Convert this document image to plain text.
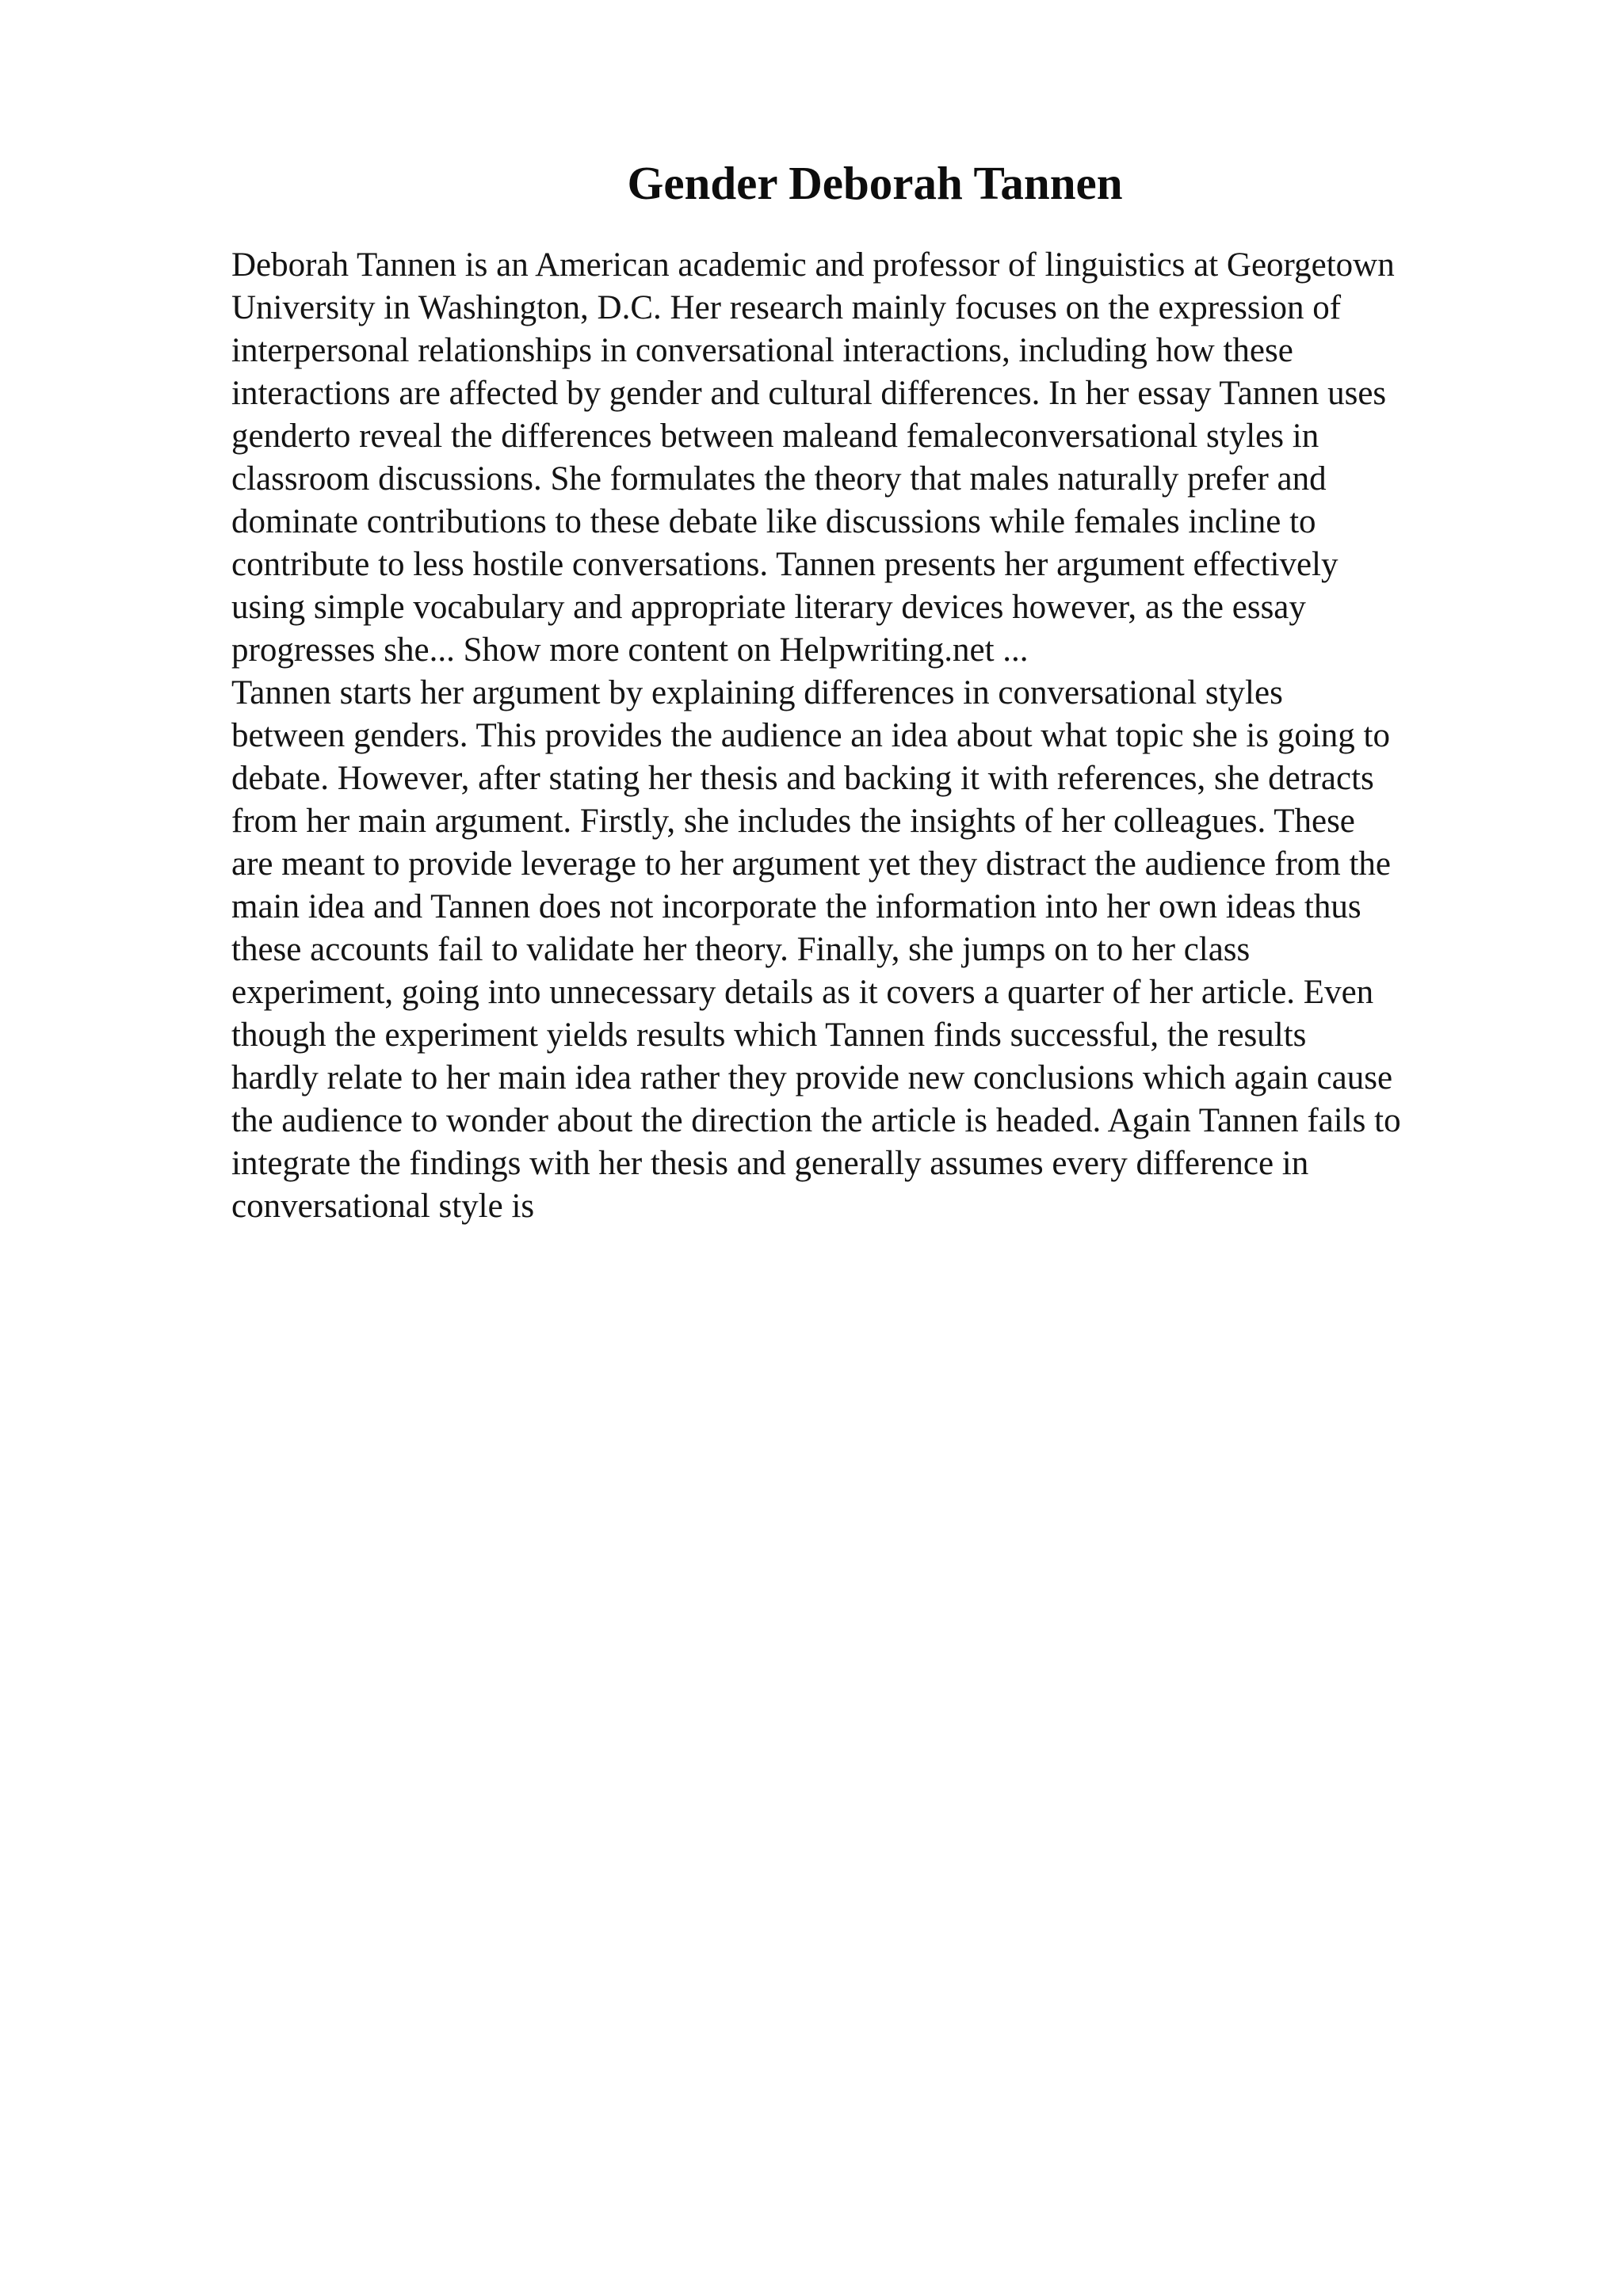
Gender Deborah Tannen
Deborah Tannen is an American academic and professor of linguistics at Georgetown
University in Washington, D.C. Her research mainly focuses on the expression of
interpersonal relationships in conversational interactions, including how these
interactions are affected by gender and cultural differences. In her essay Tannen uses
genderto reveal the differences between maleand femaleconversational styles in
classroom discussions. She formulates the theory that males naturally prefer and
dominate contributions to these debate like discussions while females incline to
contribute to less hostile conversations. Tannen presents her argument effectively
using simple vocabulary and appropriate literary devices however, as the essay
progresses she... Show more content on Helpwriting.net ...
Tannen starts her argument by explaining differences in conversational styles
between genders. This provides the audience an idea about what topic she is going to
debate. However, after stating her thesis and backing it with references, she detracts
from her main argument. Firstly, she includes the insights of her colleagues. These
are meant to provide leverage to her argument yet they distract the audience from the
main idea and Tannen does not incorporate the information into her own ideas thus
these accounts fail to validate her theory. Finally, she jumps on to her class
experiment, going into unnecessary details as it covers a quarter of her article. Even
though the experiment yields results which Tannen finds successful, the results
hardly relate to her main idea rather they provide new conclusions which again cause
the audience to wonder about the direction the article is headed. Again Tannen fails to
integrate the findings with her thesis and generally assumes every difference in
conversational style is
